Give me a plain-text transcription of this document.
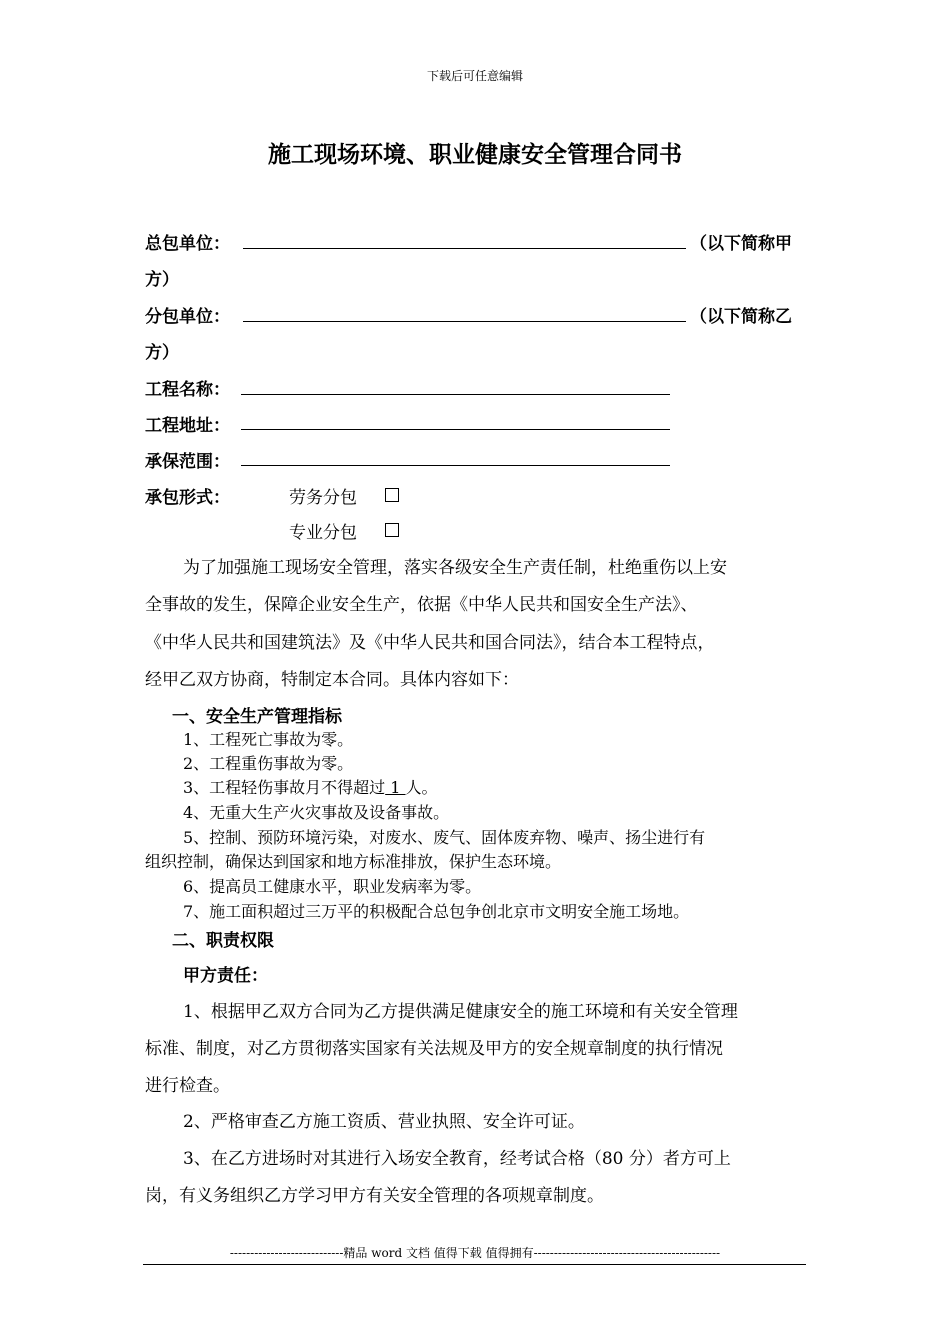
下载后可任意编辑
施工现场环境、职业健康安全管理合同书
总包单位：	（以下简称甲
方）
分包单位：	（以下简称乙
方）
工程名称：
工程地址：
承保范围：
承包形式：	劳务分包
专业分包
为了加强施工现场安全管理，落实各级安全生产责任制，杜绝重伤以上安
全事故的发生，保障企业安全生产，依据《中华人民共和国安全生产法》、
《中华人民共和国建筑法》及《中华人民共和国合同法》，结合本工程特点，
经甲乙双方协商，特制定本合同。具体内容如下：
一、安全生产管理指标
1、工程死亡事故为零。
2、工程重伤事故为零。
3、工程轻伤事故月不得超过 1 人。
4、无重大生产火灾事故及设备事故。
5、控制、预防环境污染，对废水、废气、固体废弃物、噪声、扬尘进行有
组织控制，确保达到国家和地方标准排放，保护生态环境。
6、提高员工健康水平，职业发病率为零。
7、施工面积超过三万平的积极配合总包争创北京市文明安全施工场地。
二、职责权限
甲方责任：
1、根据甲乙双方合同为乙方提供满足健康安全的施工环境和有关安全管理
标准、制度，对乙方贯彻落实国家有关法规及甲方的安全规章制度的执行情况
进行检查。
2、严格审查乙方施工资质、营业执照、安全许可证。
3、在乙方进场时对其进行入场安全教育，经考试合格（80 分）者方可上
岗，有义务组织乙方学习甲方有关安全管理的各项规章制度。
----------------------------精品 word 文档 值得下载 值得拥有----------------------------------------------
